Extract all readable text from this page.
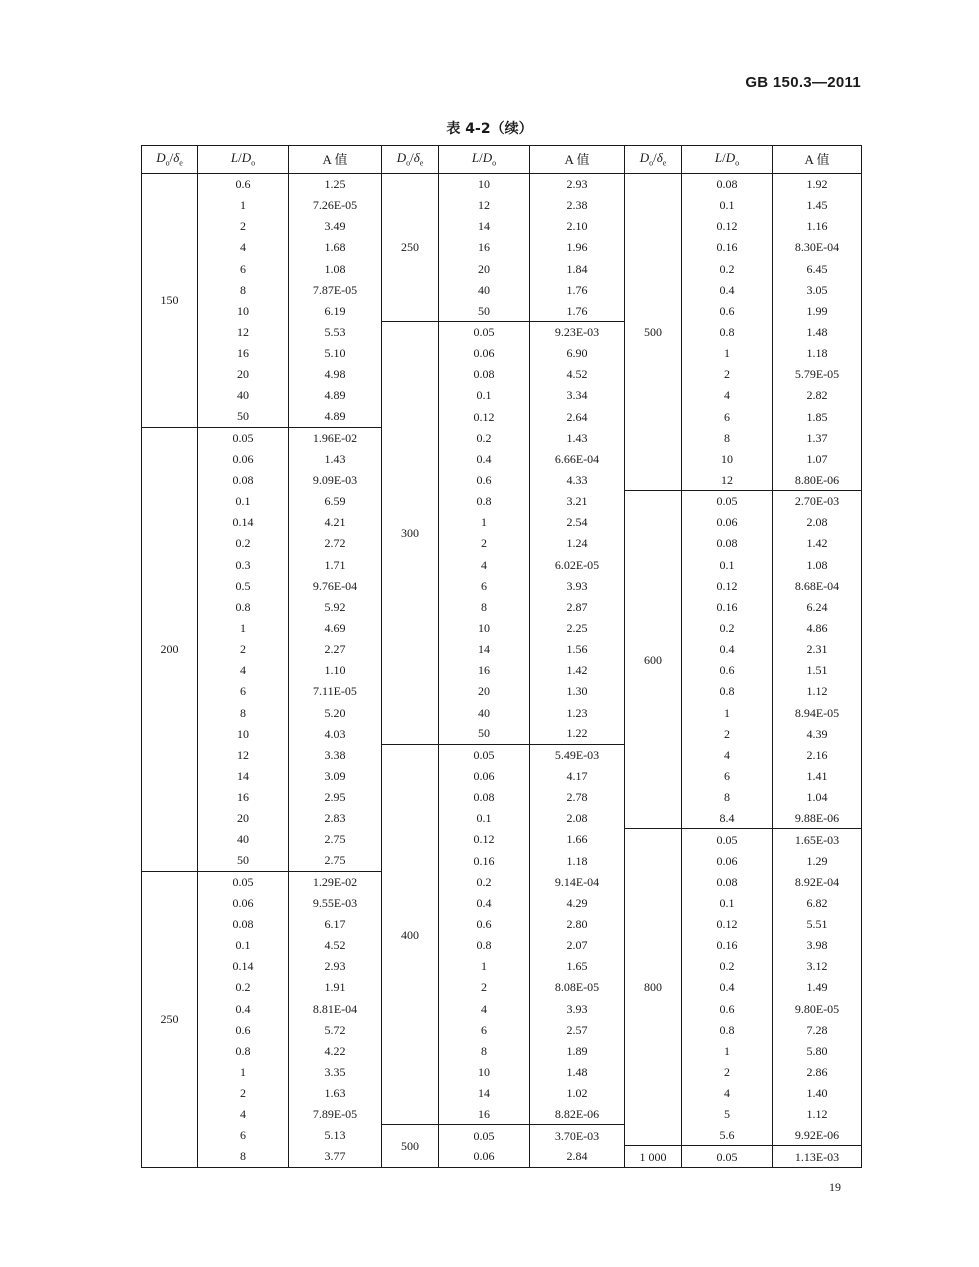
GB 150.3—2011
表 4-2（续）
$D_o/\delta_e$	$L/D_o$	A 值
150	0.6	1.25
	1	7.26E-05
	2	3.49
	4	1.68
	6	1.08
	8	7.87E-05
	10	6.19
	12	5.53
	16	5.10
	20	4.98
	40	4.89
	50	4.89
200	0.05	1.96E-02
	0.06	1.43
	0.08	9.09E-03
	0.1	6.59
	0.14	4.21
	0.2	2.72
	0.3	1.71
	0.5	9.76E-04
	0.8	5.92
	1	4.69
	2	2.27
	4	1.10
	6	7.11E-05
	8	5.20
	10	4.03
	12	3.38
	14	3.09
	16	2.95
	20	2.83
	40	2.75
	50	2.75
250	0.05	1.29E-02
	0.06	9.55E-03
	0.08	6.17
	0.1	4.52
	0.14	2.93
	0.2	1.91
	0.4	8.81E-04
	0.6	5.72
	0.8	4.22
	1	3.35
	2	1.63
	4	7.89E-05
	6	5.13
	8	3.77
$D_o/\delta_e$	$L/D_o$	A 值
250	10	2.93
	12	2.38
	14	2.10
	16	1.96
	20	1.84
	40	1.76
	50	1.76
300	0.05	9.23E-03
	0.06	6.90
	0.08	4.52
	0.1	3.34
	0.12	2.64
	0.2	1.43
	0.4	6.66E-04
	0.6	4.33
	0.8	3.21
	1	2.54
	2	1.24
	4	6.02E-05
	6	3.93
	8	2.87
	10	2.25
	14	1.56
	16	1.42
	20	1.30
	40	1.23
	50	1.22
400	0.05	5.49E-03
	0.06	4.17
	0.08	2.78
	0.1	2.08
	0.12	1.66
	0.16	1.18
	0.2	9.14E-04
	0.4	4.29
	0.6	2.80
	0.8	2.07
	1	1.65
	2	8.08E-05
	4	3.93
	6	2.57
	8	1.89
	10	1.48
	14	1.02
	16	8.82E-06
500	0.05	3.70E-03
	0.06	2.84
$D_o/\delta_e$	$L/D_o$	A 值
500	0.08	1.92
	0.1	1.45
	0.12	1.16
	0.16	8.30E-04
	0.2	6.45
	0.4	3.05
	0.6	1.99
	0.8	1.48
	1	1.18
	2	5.79E-05
	4	2.82
	6	1.85
	8	1.37
	10	1.07
	12	8.80E-06
600	0.05	2.70E-03
	0.06	2.08
	0.08	1.42
	0.1	1.08
	0.12	8.68E-04
	0.16	6.24
	0.2	4.86
	0.4	2.31
	0.6	1.51
	0.8	1.12
	1	8.94E-05
	2	4.39
	4	2.16
	6	1.41
	8	1.04
	8.4	9.88E-06
800	0.05	1.65E-03
	0.06	1.29
	0.08	8.92E-04
	0.1	6.82
	0.12	5.51
	0.16	3.98
	0.2	3.12
	0.4	1.49
	0.6	9.80E-05
	0.8	7.28
	1	5.80
	2	2.86
	4	1.40
	5	1.12
	5.6	9.92E-06
1 000	0.05	1.13E-03
19
